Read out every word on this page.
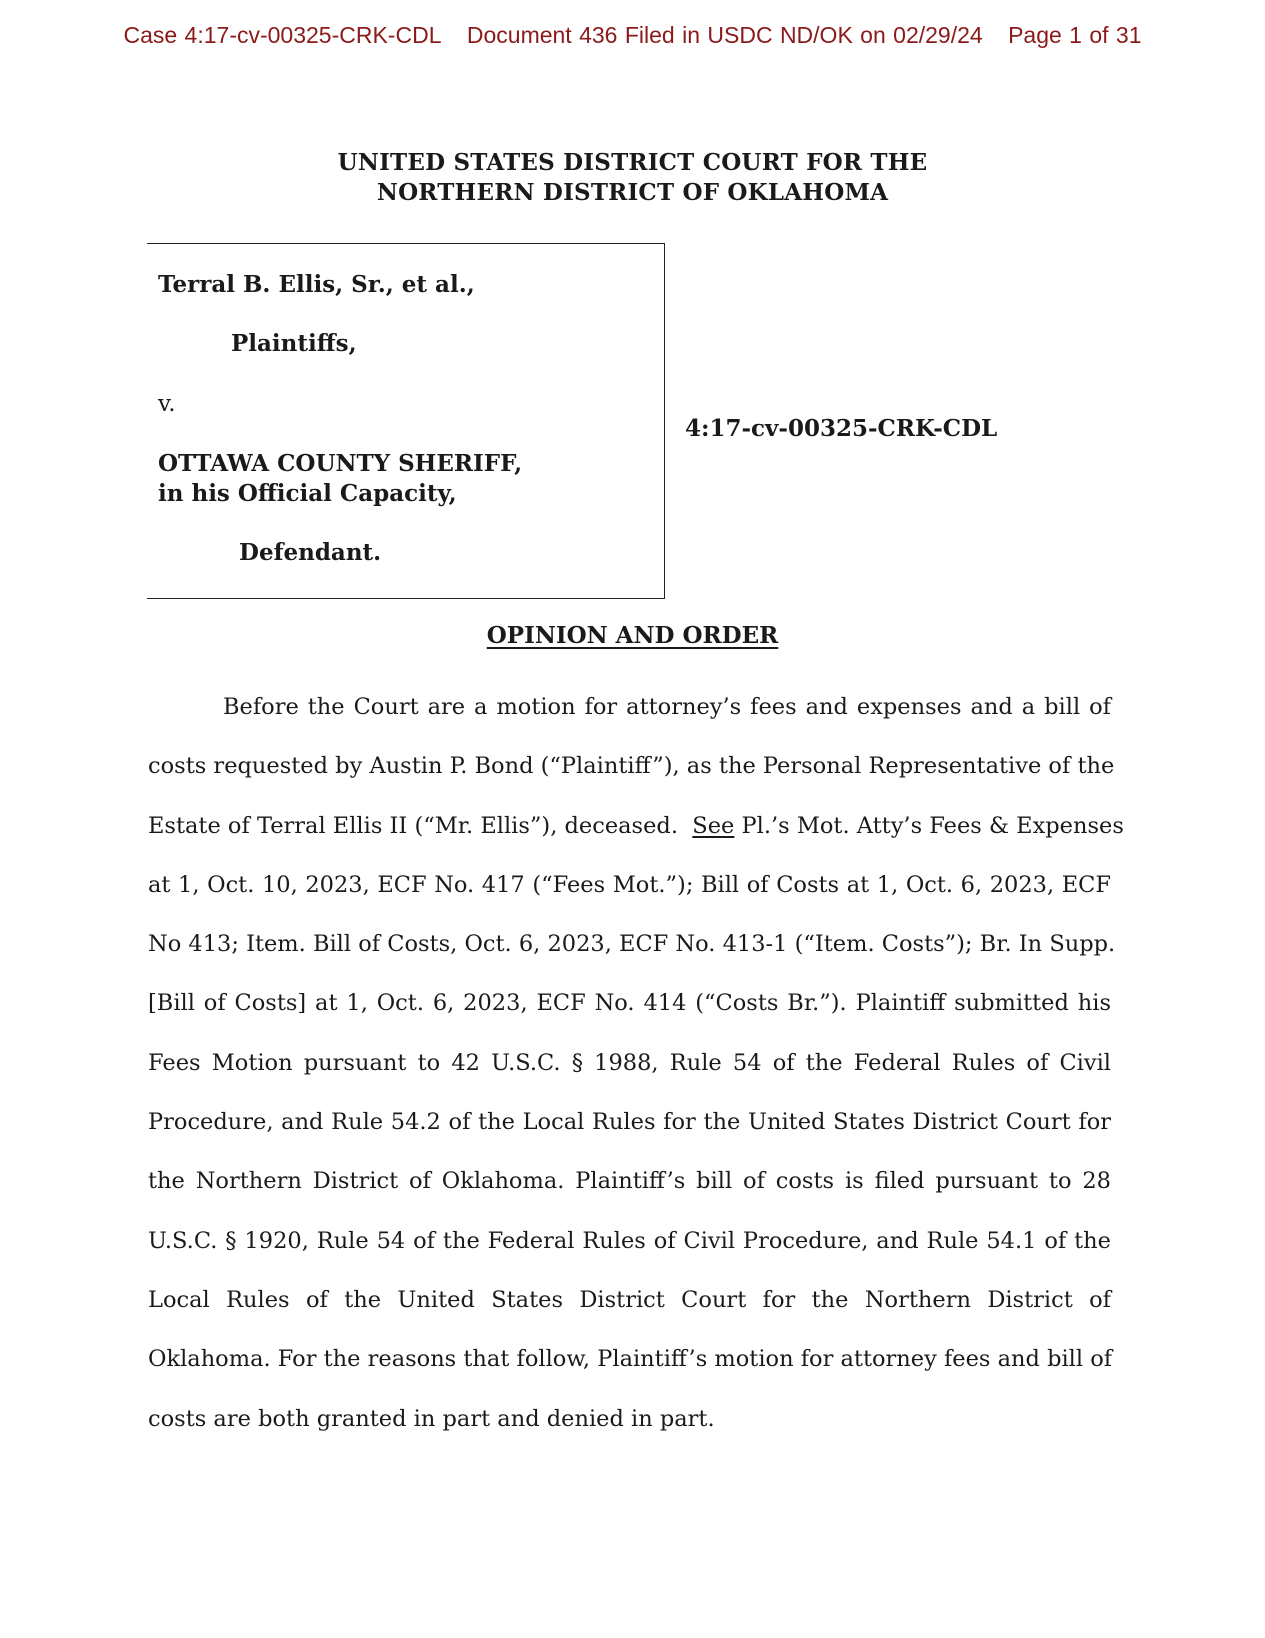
Case 4:17-cv-00325-CRK-CDL Document 436 Filed in USDC ND/OK on 02/29/24 Page 1 of 31
UNITED STATES DISTRICT COURT FOR THE
NORTHERN DISTRICT OF OKLAHOMA
Terral B. Ellis, Sr., et al.,
Plaintiffs,
v.
OTTAWA COUNTY SHERIFF,
in his Official Capacity,
Defendant.
4:17-cv-00325-CRK-CDL
OPINION AND ORDER
Before the Court are a motion for attorney’s fees and expenses and a bill of
costs requested by Austin P. Bond (“Plaintiff”), as the Personal Representative of the
Estate of Terral Ellis II (“Mr. Ellis”), deceased. See Pl.’s Mot. Atty’s Fees & Expenses
at 1, Oct. 10, 2023, ECF No. 417 (“Fees Mot.”); Bill of Costs at 1, Oct. 6, 2023, ECF
No 413; Item. Bill of Costs, Oct. 6, 2023, ECF No. 413-1 (“Item. Costs”); Br. In Supp.
[Bill of Costs] at 1, Oct. 6, 2023, ECF No. 414 (“Costs Br.”). Plaintiff submitted his
Fees Motion pursuant to 42 U.S.C. § 1988, Rule 54 of the Federal Rules of Civil
Procedure, and Rule 54.2 of the Local Rules for the United States District Court for
the Northern District of Oklahoma. Plaintiff’s bill of costs is filed pursuant to 28
U.S.C. § 1920, Rule 54 of the Federal Rules of Civil Procedure, and Rule 54.1 of the
Local Rules of the United States District Court for the Northern District of
Oklahoma. For the reasons that follow, Plaintiff’s motion for attorney fees and bill of
costs are both granted in part and denied in part.
